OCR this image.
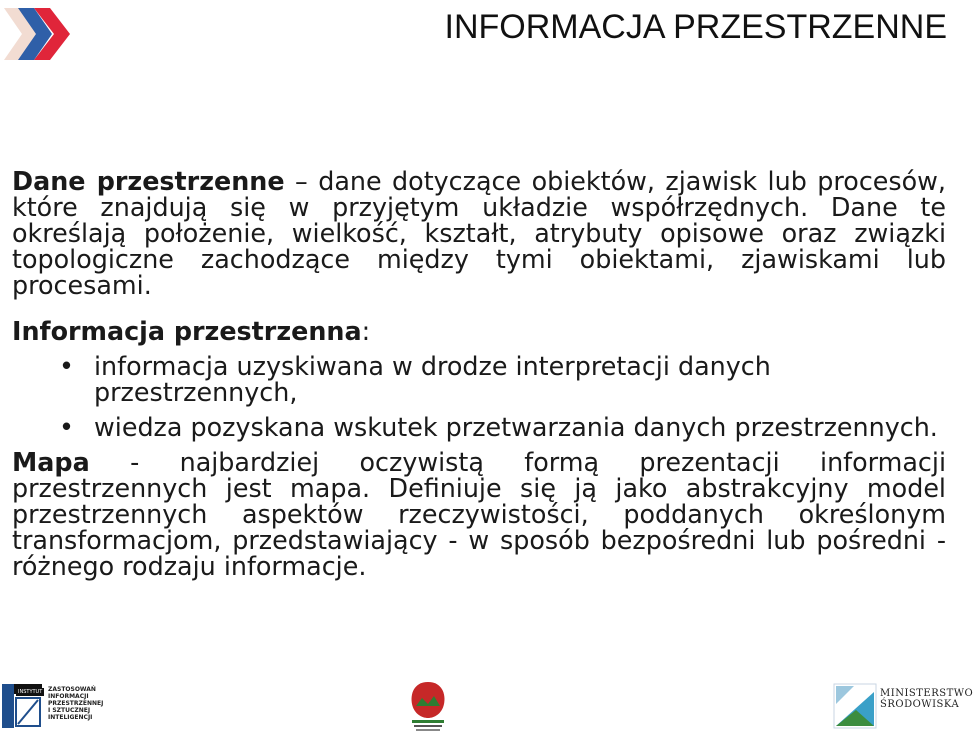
INFORMACJA PRZESTRZENNE

Dane przestrzenne – dane dotyczące obiektów, zjawisk lub procesów, które znajdują się w przyjętym układzie współrzędnych. Dane te określają położenie, wielkość, kształt, atrybuty opisowe oraz związki topologiczne zachodzące między tymi obiektami, zjawiskami lub procesami.

Informacja przestrzenna:

• informacja uzyskiwana w drodze interpretacji danych przestrzennych,
• wiedza pozyskana wskutek przetwarzania danych przestrzennych.

Mapa - najbardziej oczywistą formą prezentacji informacji przestrzennych jest mapa. Definiuje się ją jako abstrakcyjny model przestrzennych aspektów rzeczywistości, poddanych określonym transformacjom, przedstawiający - w sposób bezpośredni lub pośredni - różnego rodzaju informacje.

INSTYTUT ZASTOSOWAŃ
INFORMACJI
PRZESTRZENNEJ
I SZTUCZNEJ
INTELIGENCJI
MINISTERSTWO
ŚRODOWISKA
